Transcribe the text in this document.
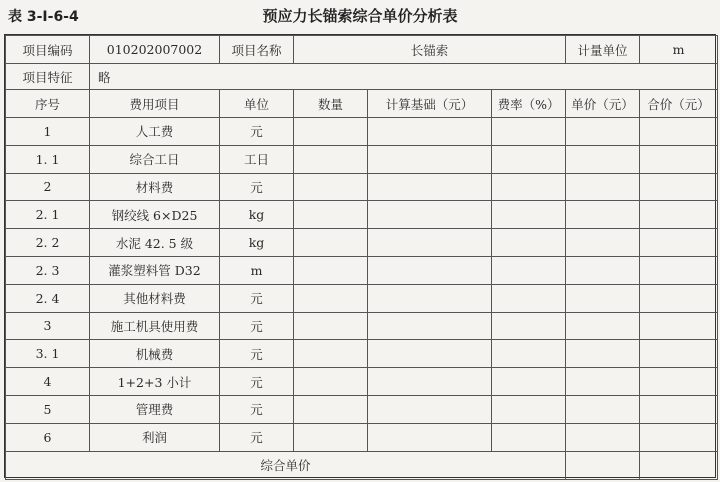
表 3-Ⅰ-6-4	预应力长锚索综合单价分析表
项目编码	010202007002	项目名称	长锚索			计量单位	m
项目特征	略						
序号	费用项目	单位	数量	计算基础（元）	费率（%）	单价（元）	合价（元）
1	人工费	元					
1. 1	综合工日	工日					
2	材料费	元					
2. 1	钢绞线 6×D25	kg					
2. 2	水泥 42. 5 级	kg					
2. 3	灌浆塑料管 D32	m					
2. 4	其他材料费	元					
3	施工机具使用费	元					
3. 1	机械费	元					
4	1+2+3 小计	元					
5	管理费	元					
6	利润	元					
综合单价							
